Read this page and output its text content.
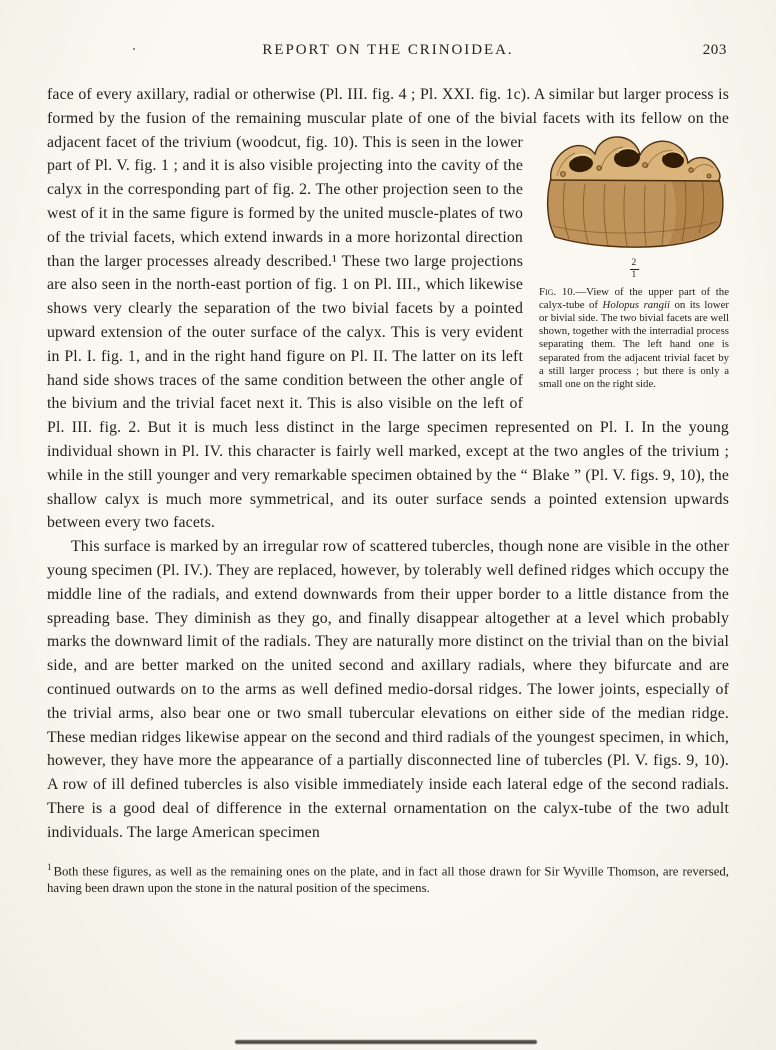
REPORT ON THE CRINOIDEA.	203

face of every axillary, radial or otherwise (Pl. III. fig. 4 ; Pl. XXI. fig. 1c). A similar but larger process is formed by the fusion of the remaining muscular plate of one of the bivial facets with its fellow on the adjacent facet of the trivium (woodcut, fig. 10).
$\frac{2}{1}$
Fig. 10.—View of the upper part of the calyx-tube of Holopus rangii on its lower or bivial side. The two bivial facets are well shown, together with the interradial process separating them. The left hand one is separated from the adjacent trivial facet by a still larger process ; but there is only a small one on the right side.
This is seen in the lower part of Pl. V. fig. 1 ; and it is also visible projecting into the cavity of the calyx in the corresponding part of fig. 2. The other projection seen to the west of it in the same figure is formed by the united muscle-plates of two of the trivial facets, which extend inwards in a more horizontal direction than the larger processes already described.¹ These two large projections are also seen in the north-east portion of fig. 1 on Pl. III., which likewise shows very clearly the separation of the two bivial facets by a pointed upward extension of the outer surface of the calyx. This is very evident in Pl. I. fig. 1, and in the right hand figure on Pl. II. The latter on its left hand side shows traces of the same condition between the other angle of the bivium and the trivial facet next it. This is also visible on the left of Pl. III. fig. 2. But it is much less distinct in the large specimen represented on Pl. I. In the young individual shown in Pl. IV. this character is fairly well marked, except at the two angles of the trivium ; while in the still younger and very remarkable specimen obtained by the “ Blake ” (Pl. V. figs. 9, 10), the shallow calyx is much more symmetrical, and its outer surface sends a pointed extension upwards between every two facets.

This surface is marked by an irregular row of scattered tubercles, though none are visible in the other young specimen (Pl. IV.). They are replaced, however, by tolerably well defined ridges which occupy the middle line of the radials, and extend downwards from their upper border to a little distance from the spreading base. They diminish as they go, and finally disappear altogether at a level which probably marks the downward limit of the radials. They are naturally more distinct on the trivial than on the bivial side, and are better marked on the united second and axillary radials, where they bifurcate and are continued outwards on to the arms as well defined medio-dorsal ridges. The lower joints, especially of the trivial arms, also bear one or two small tubercular elevations on either side of the median ridge. These median ridges likewise appear on the second and third radials of the youngest specimen, in which, however, they have more the appearance of a partially disconnected line of tubercles (Pl. V. figs. 9, 10). A row of ill defined tubercles is also visible immediately inside each lateral edge of the second radials. There is a good deal of difference in the external ornamentation on the calyx-tube of the two adult individuals. The large American specimen

$^1$ Both these figures, as well as the remaining ones on the plate, and in fact all those drawn for Sir Wyville Thomson, are reversed, having been drawn upon the stone in the natural position of the specimens.
